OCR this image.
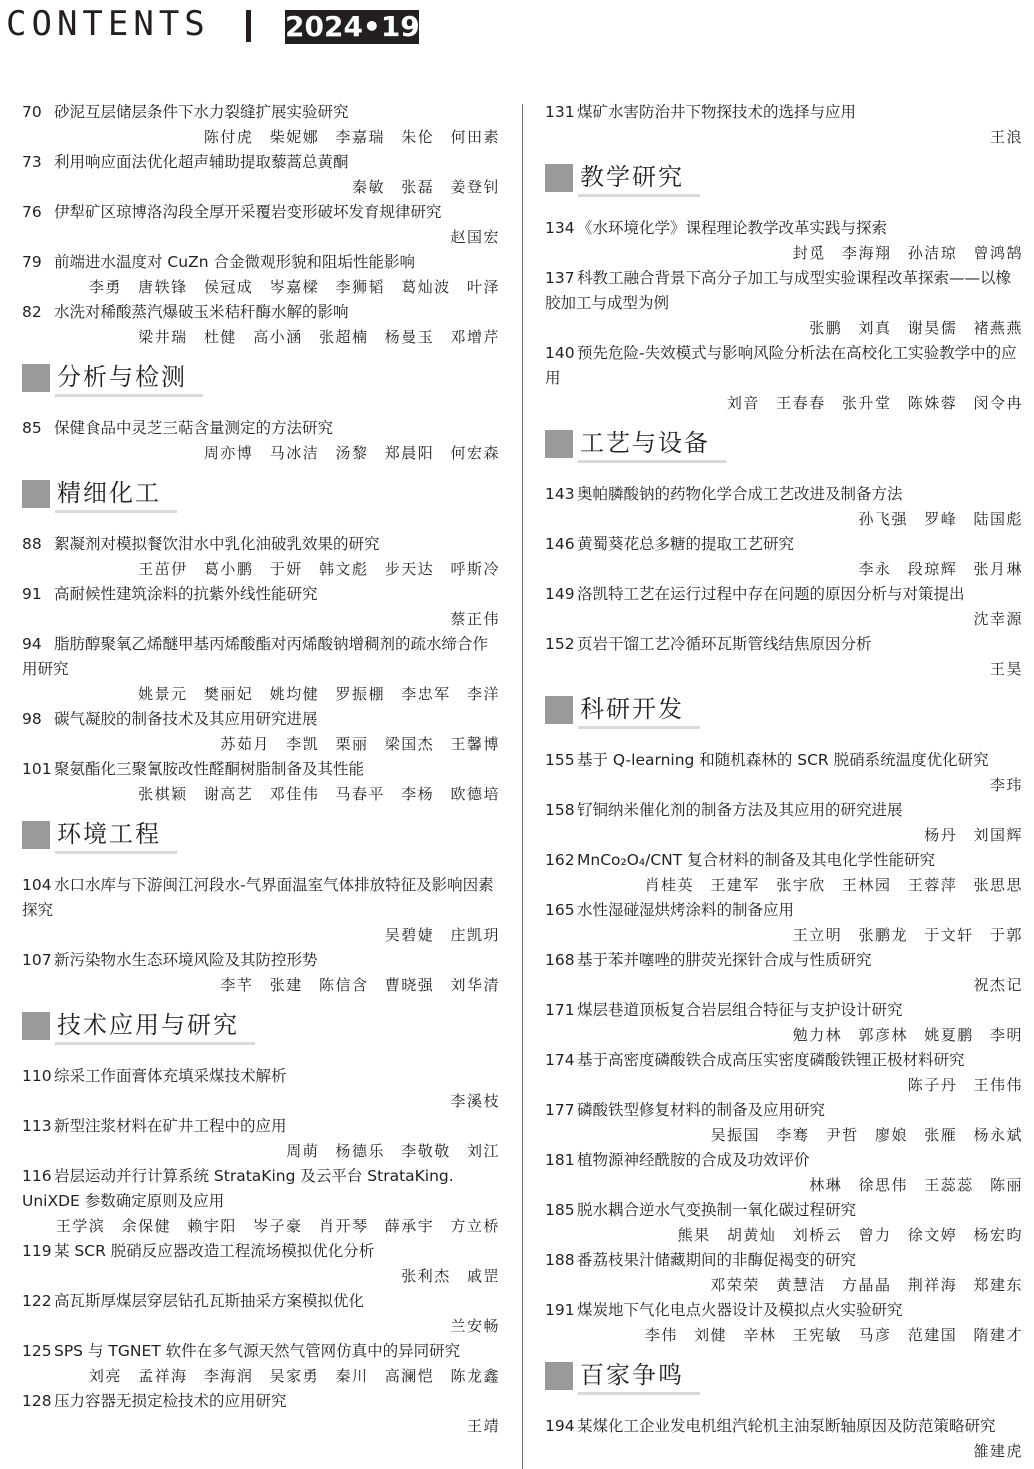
CONTENTS	2024•19
70 砂泥互层储层条件下水力裂缝扩展实验研究
陈付虎 柴妮娜 李嘉瑞 朱伦 何田素
73 利用响应面法优化超声辅助提取藜蒿总黄酮
秦敏 张磊 姜登钊
76 伊犁矿区琼博洛沟段全厚开采覆岩变形破坏发育规律研究
赵国宏
79 前端进水温度对 CuZn 合金微观形貌和阻垢性能影响
李勇 唐轶锋 侯冠成 岑嘉樑 李狮韬 葛灿波 叶泽
82 水洗对稀酸蒸汽爆破玉米秸秆酶水解的影响
梁井瑞 杜健 高小涵 张超楠 杨曼玉 邓增芹
分析与检测
85 保健食品中灵芝三萜含量测定的方法研究
周亦博 马冰洁 汤黎 郑晨阳 何宏森
精细化工
88 絮凝剂对模拟餐饮泔水中乳化油破乳效果的研究
王茁伊 葛小鹏 于妍 韩文彪 步天达 呼斯冷
91 高耐候性建筑涂料的抗紫外线性能研究
蔡正伟
94 脂肪醇聚氧乙烯醚甲基丙烯酸酯对丙烯酸钠增稠剂的疏水缔合作用研究
姚景元 樊丽妃 姚均健 罗振棚 李忠军 李洋
98 碳气凝胶的制备技术及其应用研究进展
苏茹月 李凯 栗丽 梁国杰 王馨博
101 聚氨酯化三聚氰胺改性醛酮树脂制备及其性能
张棋颖 谢高艺 邓佳伟 马春平 李杨 欧德培
环境工程
104 水口水库与下游闽江河段水-气界面温室气体排放特征及影响因素探究
吴碧婕 庄凯玥
107 新污染物水生态环境风险及其防控形势
李芊 张建 陈信含 曹晓强 刘华清
技术应用与研究
110 综采工作面膏体充填采煤技术解析
李溪枝
113 新型注浆材料在矿井工程中的应用
周萌 杨德乐 李敬敬 刘江
116 岩层运动并行计算系统 StrataKing 及云平台 StrataKing. UniXDE 参数确定原则及应用
王学滨 余保健 赖宇阳 岑子豪 肖开琴 薛承宇 方立桥
119 某 SCR 脱硝反应器改造工程流场模拟优化分析
张利杰 戚罡
122 高瓦斯厚煤层穿层钻孔瓦斯抽采方案模拟优化
兰安畅
125 SPS 与 TGNET 软件在多气源天然气管网仿真中的异同研究
刘亮 孟祥海 李海润 吴家勇 秦川 高澜恺 陈龙鑫
128 压力容器无损定检技术的应用研究
王靖
131 煤矿水害防治井下物探技术的选择与应用
王浪
教学研究
134 《水环境化学》课程理论教学改革实践与探索
封觅 李海翔 孙洁琼 曾鸿鹄
137 科教工融合背景下高分子加工与成型实验课程改革探索——以橡胶加工与成型为例
张鹏 刘真 谢昊儒 褚燕燕
140 预先危险-失效模式与影响风险分析法在高校化工实验教学中的应用
刘音 王春春 张升堂 陈姝蓉 闵令冉
工艺与设备
143 奥帕膦酸钠的药物化学合成工艺改进及制备方法
孙飞强 罗峰 陆国彪
146 黄蜀葵花总多糖的提取工艺研究
李永 段琼辉 张月琳
149 洛凯特工艺在运行过程中存在问题的原因分析与对策提出
沈幸源
152 页岩干馏工艺冷循环瓦斯管线结焦原因分析
王昊
科研开发
155 基于 Q-learning 和随机森林的 SCR 脱硝系统温度优化研究
李玮
158 钌铜纳米催化剂的制备方法及其应用的研究进展
杨丹 刘国辉
162 MnCo₂O₄/CNT 复合材料的制备及其电化学性能研究
肖桂英 王建军 张宇欣 王林园 王蓉萍 张思思
165 水性湿碰湿烘烤涂料的制备应用
王立明 张鹏龙 于文轩 于郭
168 基于苯并噻唑的肼荧光探针合成与性质研究
祝杰记
171 煤层巷道顶板复合岩层组合特征与支护设计研究
勉力林 郭彦林 姚夏鹏 李明
174 基于高密度磷酸铁合成高压实密度磷酸铁锂正极材料研究
陈子丹 王伟伟
177 磷酸铁型修复材料的制备及应用研究
吴振国 李骞 尹哲 廖娘 张雁 杨永斌
181 植物源神经酰胺的合成及功效评价
林琳 徐思伟 王蕊蕊 陈丽
185 脱水耦合逆水气变换制一氧化碳过程研究
熊果 胡黄灿 刘桥云 曾力 徐文婷 杨宏昀
188 番荔枝果汁储藏期间的非酶促褐变的研究
邓荣荣 黄慧洁 方晶晶 荆祥海 郑建东
191 煤炭地下气化电点火器设计及模拟点火实验研究
李伟 刘健 辛林 王宪敏 马彦 范建国 隋建才
百家争鸣
194 某煤化工企业发电机组汽轮机主油泵断轴原因及防范策略研究
雒建虎
